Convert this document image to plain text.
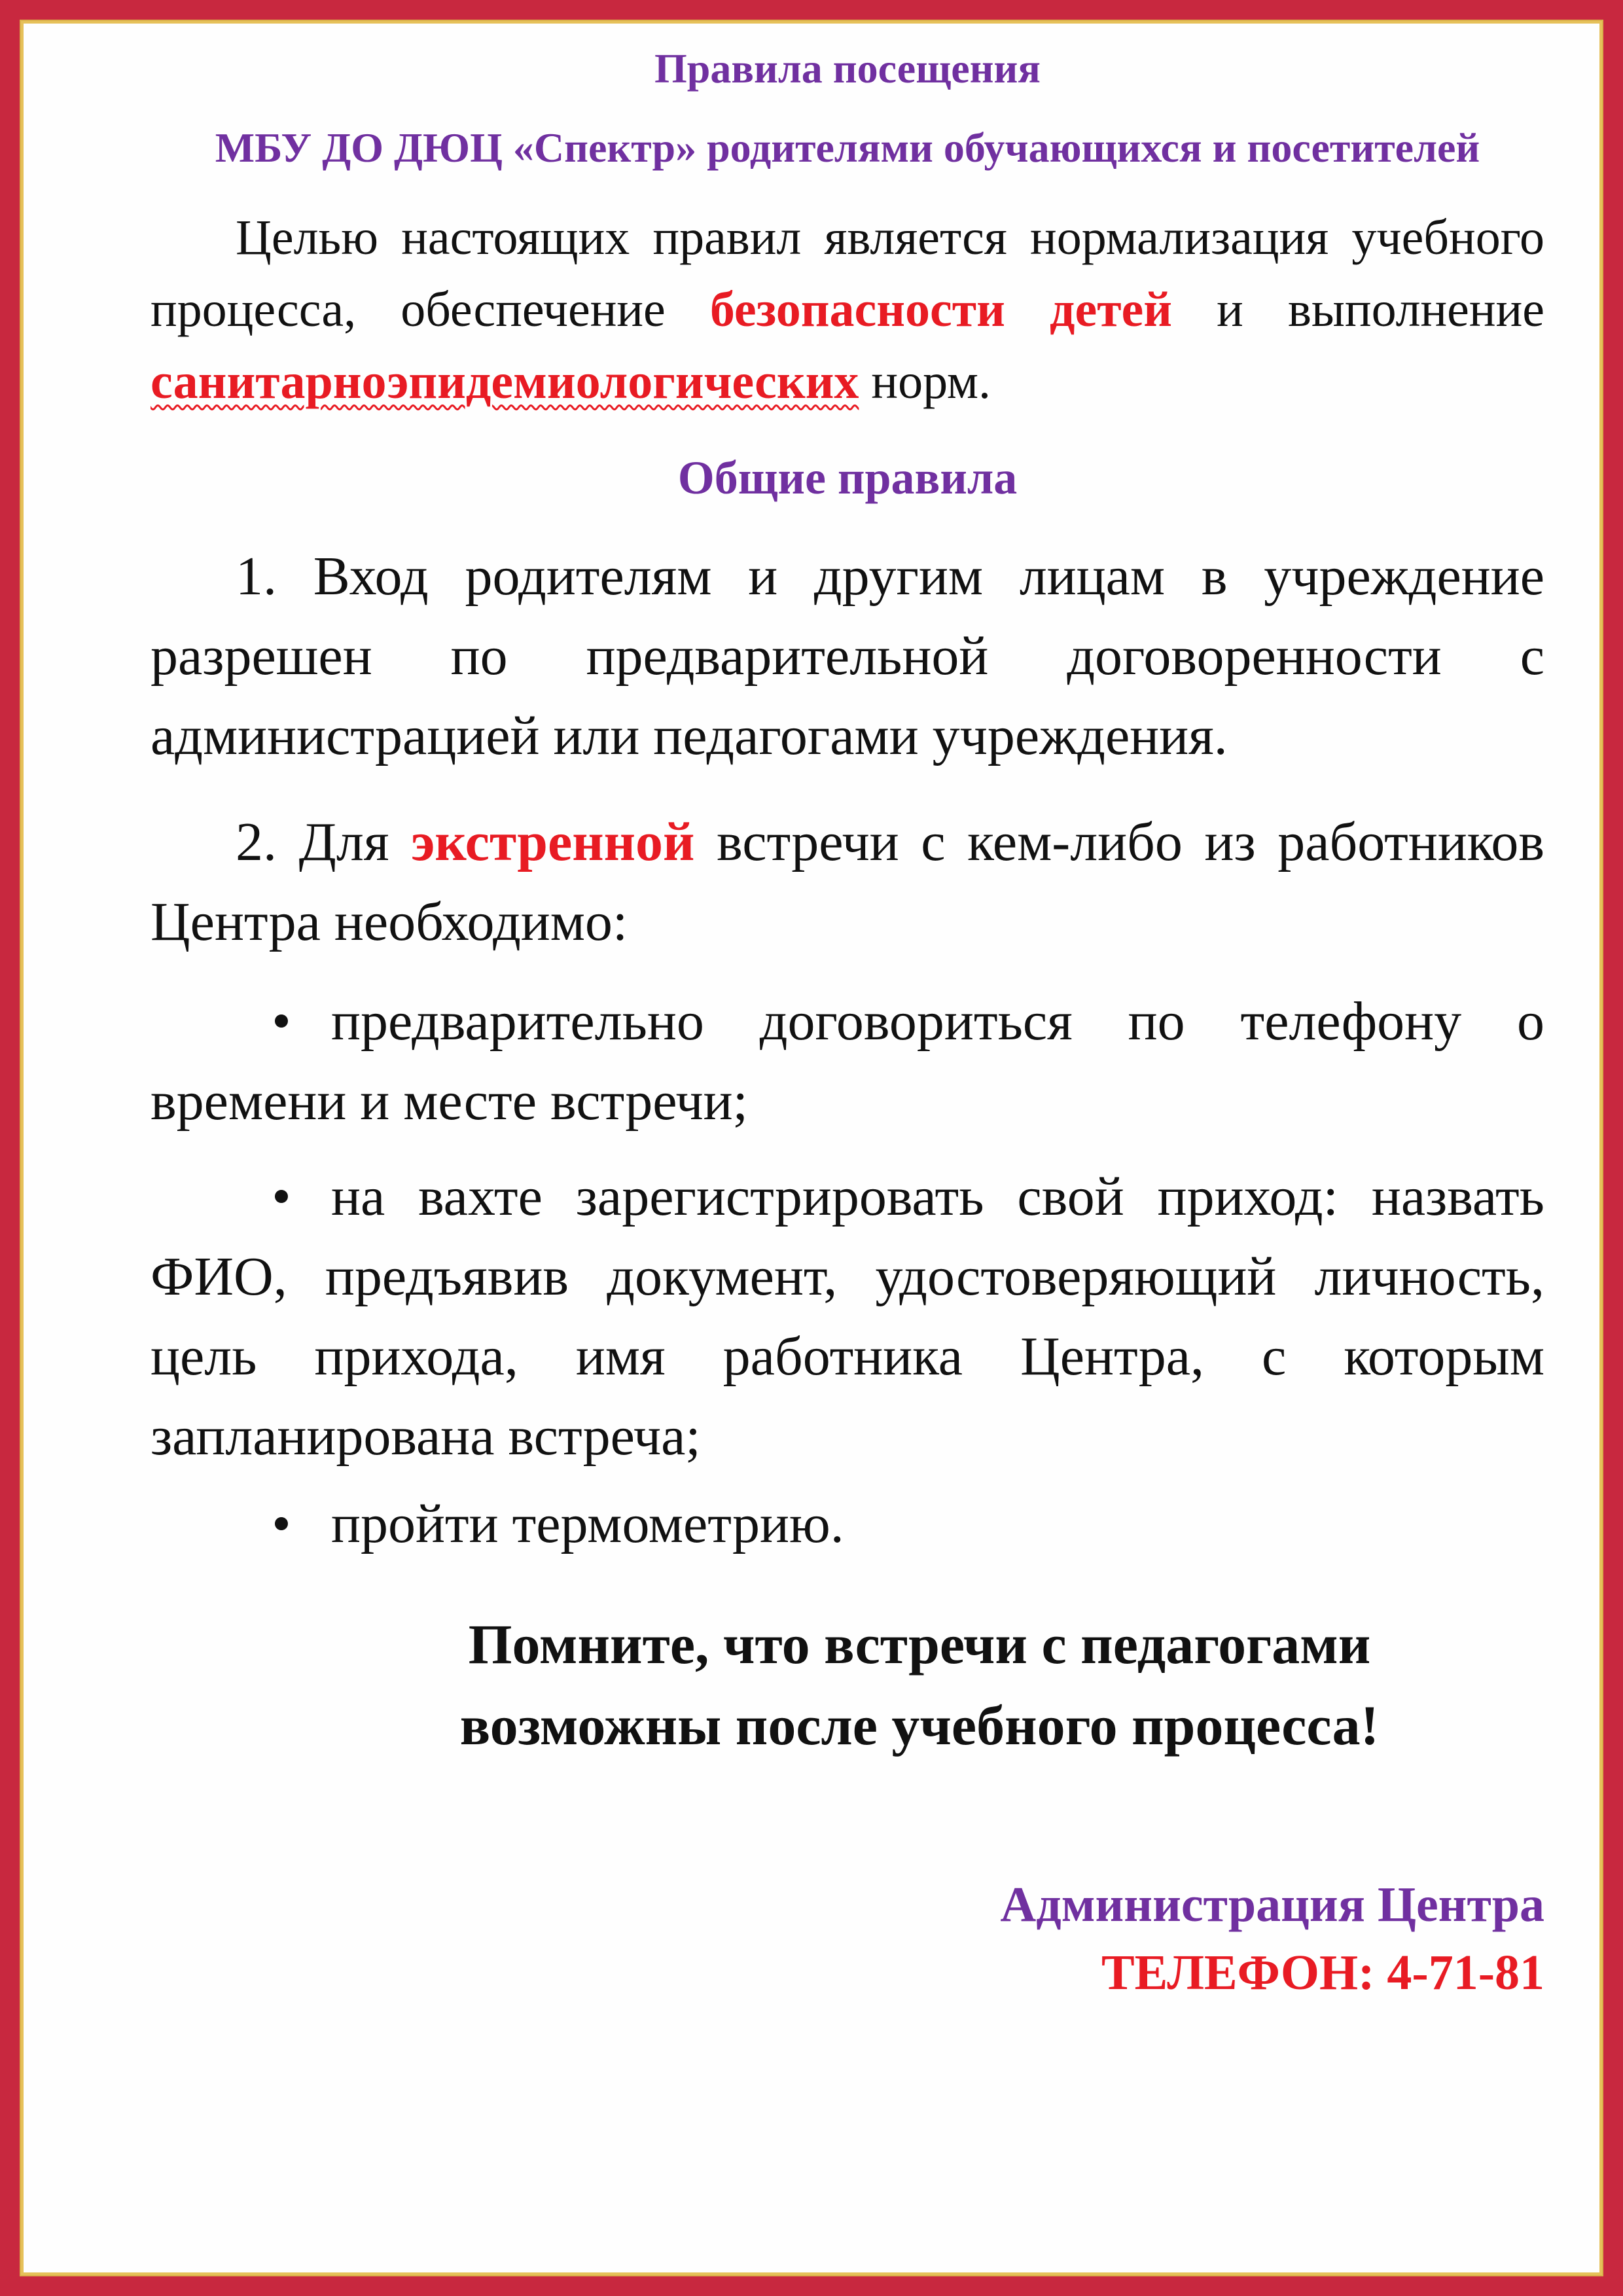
Правила посещения

МБУ ДО ДЮЦ «Спектр» родителями обучающихся и посетителей

Целью настоящих правил является нормализация учебного процесса, обеспечение безопасности детей и выполнение санитарноэпидемиологических норм.

Общие правила

1. Вход родителям и другим лицам в учреждение разрешен по предварительной договоренности с администрацией или педагогами учреждения.

2. Для экстренной встречи с кем-либо из работников Центра необходимо:

• предварительно договориться по телефону о времени и месте встречи;

• на вахте зарегистрировать свой приход: назвать ФИО, предъявив документ, удостоверяющий личность, цель прихода, имя работника Центра, с которым запланирована встреча;

• пройти термометрию.

Помните, что встречи с педагогами
возможны после учебного процесса!

Администрация Центра

ТЕЛЕФОН: 4-71-81
